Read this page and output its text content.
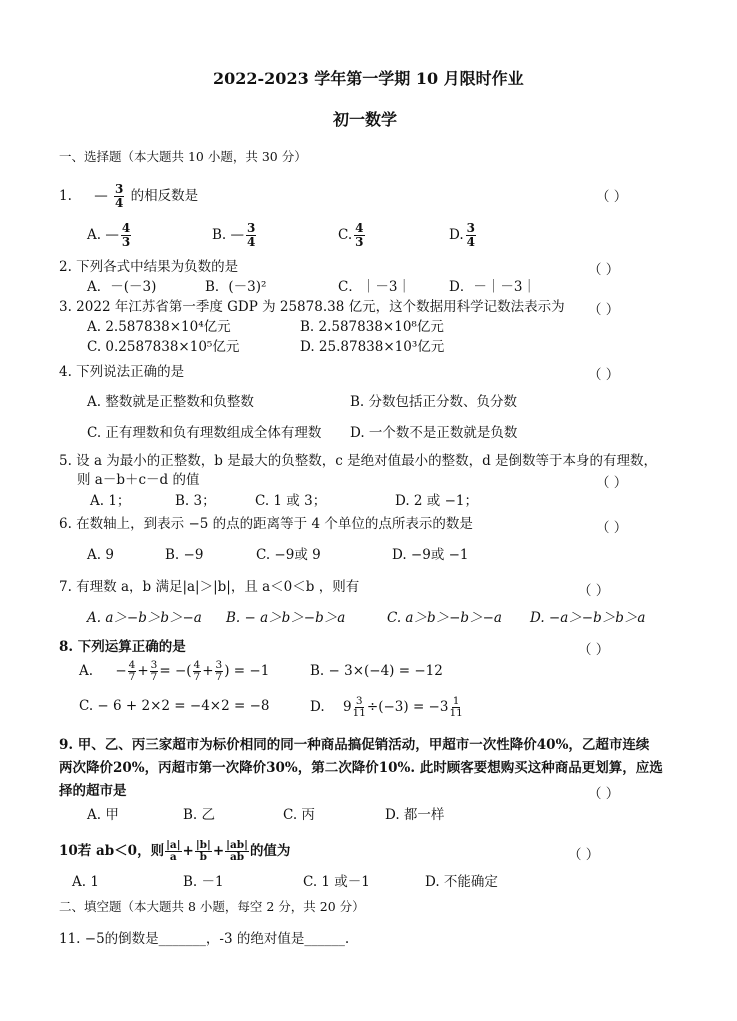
2022-2023 学年第一学期 10 月限时作业
初一数学
一、选择题（本大题共 10 小题，共 30 分）
1. — $\frac{3}{4}$ 的相反数是	（ ）
A. — $\frac{4}{3}$	B. — $\frac{3}{4}$	C. $\frac{4}{3}$	D. $\frac{3}{4}$
2. 下列各式中结果为负数的是	（ ）
A．－(－3)	B．(－3)²	C．｜－3｜	D．－｜－3｜
3. 2022 年江苏省第一季度 GDP 为 25878.38 亿元，这个数据用科学记数法表示为 （ ）
A. 2.587838×10⁴亿元	B. 2.587838×10⁸亿元
C. 0.2587838×10⁵亿元	D. 25.87838×10³亿元
4. 下列说法正确的是	（ ）
A. 整数就是正整数和负整数	B. 分数包括正分数、负分数
C. 正有理数和负有理数组成全体有理数 D. 一个数不是正数就是负数
5. 设 a 为最小的正整数，b 是最大的负整数，c 是绝对值最小的整数，d 是倒数等于本身的有理数，
则 a－b＋c－d 的值	（ ）
A. 1；	B. 3；	C. 1 或 3；	D. 2 或 −1；
6. 在数轴上，到表示 −5 的点的距离等于 4 个单位的点所表示的数是	（ ）
A. 9	B. −9	C. −9或 9	D. −9或 −1
7. 有理数 a，b 满足|a|＞|b|，且 a＜0＜b ，则有	（ ）
A. a＞−b＞b＞−a B. − a＞b＞−b＞a	C. a＞b＞−b＞−a D. −a＞−b＞b＞a
8. 下列运算正确的是	（ ）
A. − $\frac{4}{7} + \frac{3}{7}$ = −( $\frac{4}{7} + \frac{3}{7}$ ) = −1	B. − 3×(−4) = −12
C. − 6 + 2×2 = −4×2 = −8	D. $9 \frac{3}{11} \div(-3) = -3 \frac{1}{11}$
9. 甲、乙、丙三家超市为标价相同的同一种商品搞促销活动，甲超市一次性降价40%，乙超市连续
两次降价20%，丙超市第一次降价30%，第二次降价10%. 此时顾客要想购买这种商品更划算，应选
择的超市是	（ ）
A. 甲	B. 乙	C. 丙	D. 都一样
10若 ab＜0，则 $\frac{|a|}{a} + \frac{|b|}{b} + \frac{|ab|}{ab}$ 的值为	（ ）
A. 1	B. －1	C. 1 或－1	D. 不能确定
二、填空题（本大题共 8 小题，每空 2 分，共 20 分）
11. −5的倒数是_______，-3 的绝对值是______.
